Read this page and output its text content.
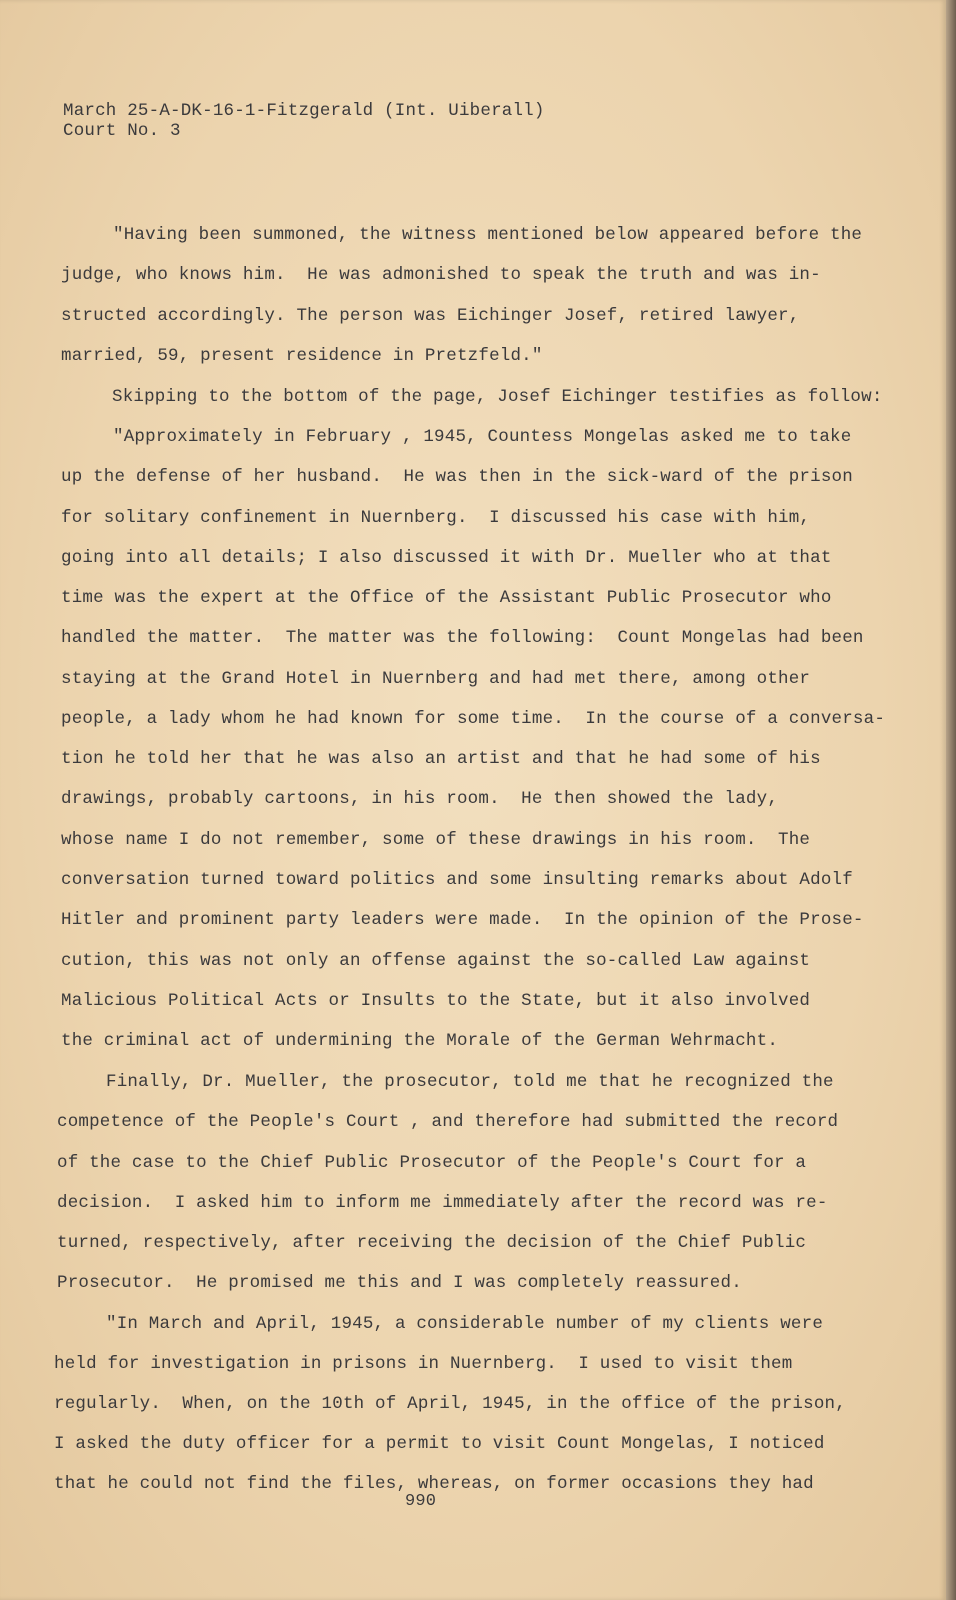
March 25-A-DK-16-1-Fitzgerald (Int. Uiberall)
Court No. 3
"Having been summoned, the witness mentioned below appeared before the
judge, who knows him.  He was admonished to speak the truth and was in-
structed accordingly. The person was Eichinger Josef, retired lawyer,
married, 59, present residence in Pretzfeld."
Skipping to the bottom of the page, Josef Eichinger testifies as follow:
"Approximately in February , 1945, Countess Mongelas asked me to take
up the defense of her husband.  He was then in the sick-ward of the prison
for solitary confinement in Nuernberg.  I discussed his case with him,
going into all details; I also discussed it with Dr. Mueller who at that
time was the expert at the Office of the Assistant Public Prosecutor who
handled the matter.  The matter was the following:  Count Mongelas had been
staying at the Grand Hotel in Nuernberg and had met there, among other
people, a lady whom he had known for some time.  In the course of a conversa-
tion he told her that he was also an artist and that he had some of his
drawings, probably cartoons, in his room.  He then showed the lady,
whose name I do not remember, some of these drawings in his room.  The
conversation turned toward politics and some insulting remarks about Adolf
Hitler and prominent party leaders were made.  In the opinion of the Prose-
cution, this was not only an offense against the so-called Law against
Malicious Political Acts or Insults to the State, but it also involved
the criminal act of undermining the Morale of the German Wehrmacht.
Finally, Dr. Mueller, the prosecutor, told me that he recognized the
competence of the People's Court , and therefore had submitted the record
of the case to the Chief Public Prosecutor of the People's Court for a
decision.  I asked him to inform me immediately after the record was re-
turned, respectively, after receiving the decision of the Chief Public
Prosecutor.  He promised me this and I was completely reassured.
"In March and April, 1945, a considerable number of my clients were
held for investigation in prisons in Nuernberg.  I used to visit them
regularly.  When, on the 10th of April, 1945, in the office of the prison,
I asked the duty officer for a permit to visit Count Mongelas, I noticed
that he could not find the files, whereas, on former occasions they had
990
